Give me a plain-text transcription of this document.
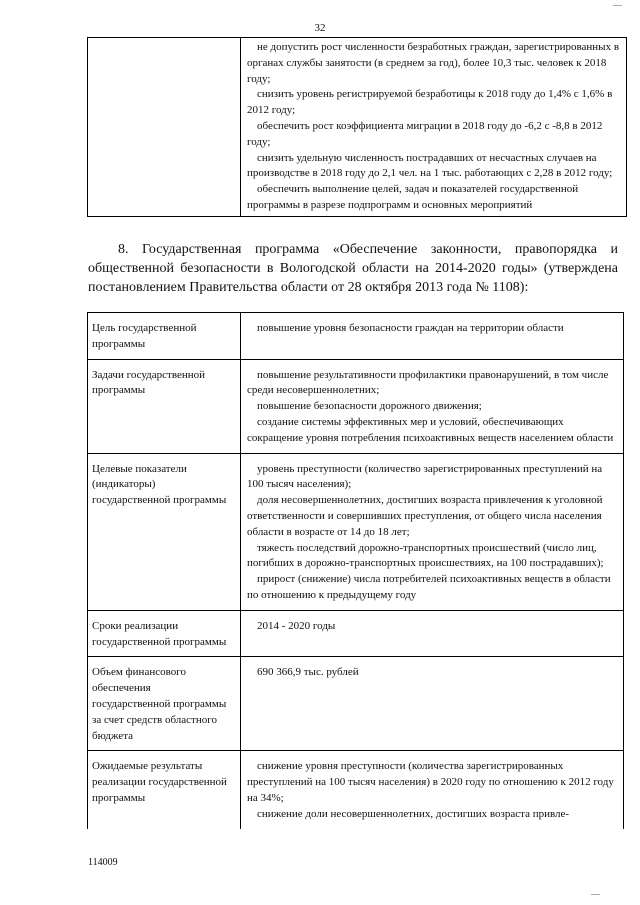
—
32

не допустить рост численности безработных граждан, зарегистрированных в органах службы занятости (в среднем за год), более 10,3 тыс. человек к 2018 году;

снизить уровень регистрируемой безработицы к 2018 году до 1,4% с 1,6% в 2012 году;

обеспечить рост коэффициента миграции в 2018 году до -6,2 с -8,8 в 2012 году;

снизить удельную численность пострадавших от несчастных случаев на производстве в 2018 году до 2,1 чел. на 1 тыс. работающих с 2,28 в 2012 году;

обеспечить выполнение целей, задач и показателей государственной программы в разрезе подпрограмм и основных мероприятий

8. Государственная программа «Обеспечение законности, правопорядка и общественной безопасности в Вологодской области на 2014-2020 годы» (утверждена постановлением Правительства области от 28 октября 2013 года № 1108):
Цель государственной программы	повышение уровня безопасности граждан на территории области

Задачи государственной программы	повышение результативности профилактики правонарушений, в том числе среди несовершеннолетних;

повышение безопасности дорожного движения;

создание системы эффективных мер и условий, обеспечивающих сокращение уровня потребления психоактивных веществ населением области

Целевые показатели (индикаторы) государственной программы	уровень преступности (количество зарегистрированных преступлений на 100 тысяч населения);

доля несовершеннолетних, достигших возраста привлечения к уголовной ответственности и совершивших преступления, от общего числа населения области в возрасте от 14 до 18 лет;

тяжесть последствий дорожно-транспортных происшествий (число лиц, погибших в дорожно-транспортных происшествиях, на 100 пострадавших);

прирост (снижение) числа потребителей психоактивных веществ в области по отношению к предыдущему году

Сроки реализации государственной программы	2014 - 2020 годы

Объем финансового обеспечения государственной программы за счет средств областного бюджета	690 366,9 тыс. рублей

Ожидаемые результаты реализации государственной программы	снижение уровня преступности (количества зарегистрированных преступлений на 100 тысяч населения) в 2020 году по отношению к 2012 году на 34%;

снижение доли несовершеннолетних, достигших возраста привле-

114009
—
